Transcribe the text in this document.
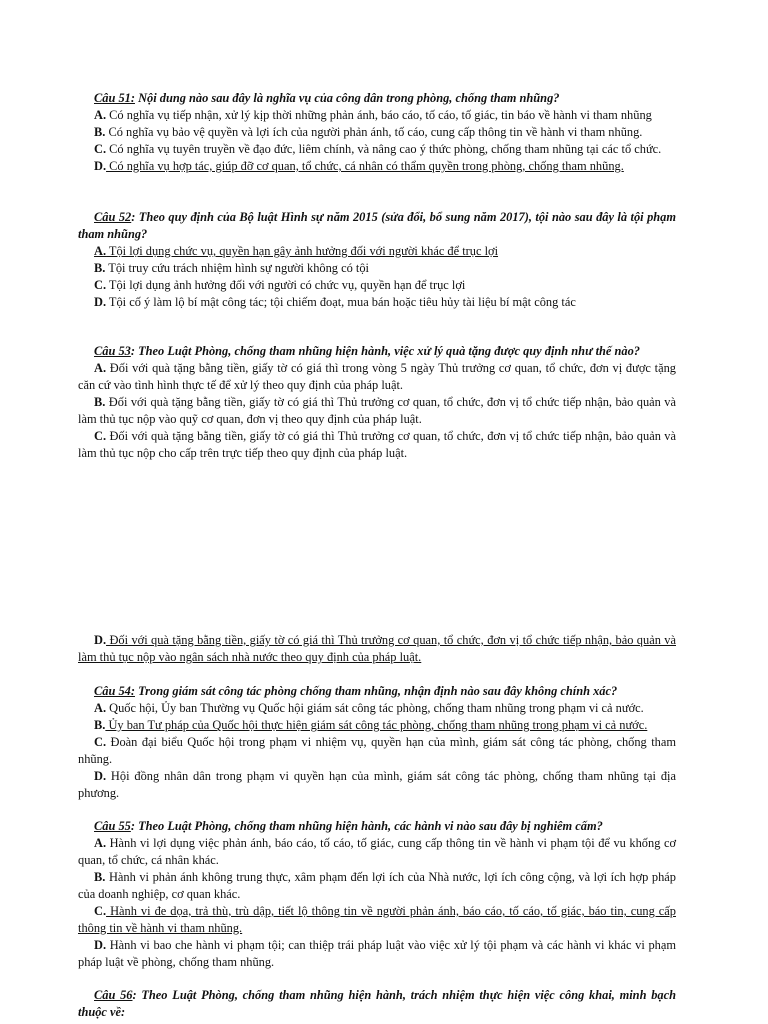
Câu 51: Nội dung nào sau đây là nghĩa vụ của công dân trong phòng, chống tham nhũng?
A. Có nghĩa vụ tiếp nhận, xử lý kịp thời những phản ánh, báo cáo, tố cáo, tố giác, tin báo về hành vi tham nhũng
B. Có nghĩa vụ bảo vệ quyền và lợi ích của người phản ánh, tố cáo, cung cấp thông tin về hành vi tham nhũng.
C. Có nghĩa vụ tuyên truyền về đạo đức, liêm chính, và nâng cao ý thức phòng, chống tham nhũng tại các tổ chức.
D. Có nghĩa vụ hợp tác, giúp đỡ cơ quan, tổ chức, cá nhân có thẩm quyền trong phòng, chống tham nhũng.
Câu 52: Theo quy định của Bộ luật Hình sự năm 2015 (sửa đổi, bổ sung năm 2017), tội nào sau đây là tội phạm tham nhũng?
A. Tội lợi dụng chức vụ, quyền hạn gây ảnh hưởng đối với người khác để trục lợi
B. Tội truy cứu trách nhiệm hình sự người không có tội
C. Tội lợi dụng ảnh hưởng đối với người có chức vụ, quyền hạn để trục lợi
D. Tội cố ý làm lộ bí mật công tác; tội chiếm đoạt, mua bán hoặc tiêu hủy tài liệu bí mật công tác
Câu 53: Theo Luật Phòng, chống tham nhũng hiện hành, việc xử lý quà tặng được quy định như thế nào?
A. Đối với quà tặng bằng tiền, giấy tờ có giá thì trong vòng 5 ngày Thủ trưởng cơ quan, tổ chức, đơn vị được tặng căn cứ vào tình hình thực tế để xử lý theo quy định của pháp luật.
B. Đối với quà tặng bằng tiền, giấy tờ có giá thì Thủ trưởng cơ quan, tổ chức, đơn vị tổ chức tiếp nhận, bảo quản và làm thủ tục nộp vào quỹ cơ quan, đơn vị theo quy định của pháp luật.
C. Đối với quà tặng bằng tiền, giấy tờ có giá thì Thủ trưởng cơ quan, tổ chức, đơn vị tổ chức tiếp nhận, bảo quản và làm thủ tục nộp cho cấp trên trực tiếp theo quy định của pháp luật.
D. Đối với quà tặng bằng tiền, giấy tờ có giá thì Thủ trưởng cơ quan, tổ chức, đơn vị tổ chức tiếp nhận, bảo quản và làm thủ tục nộp vào ngân sách nhà nước theo quy định của pháp luật.
Câu 54: Trong giám sát công tác phòng chống tham nhũng, nhận định nào sau đây không chính xác?
A. Quốc hội, Ủy ban Thường vụ Quốc hội giám sát công tác phòng, chống tham nhũng trong phạm vi cả nước.
B. Ủy ban Tư pháp của Quốc hội thực hiện giám sát công tác phòng, chống tham nhũng trong phạm vi cả nước.
C. Đoàn đại biểu Quốc hội trong phạm vi nhiệm vụ, quyền hạn của mình, giám sát công tác phòng, chống tham nhũng.
D. Hội đồng nhân dân trong phạm vi quyền hạn của mình, giám sát công tác phòng, chống tham nhũng tại địa phương.
Câu 55: Theo Luật Phòng, chống tham nhũng hiện hành, các hành vi nào sau đây bị nghiêm cấm?
A. Hành vi lợi dụng việc phản ánh, báo cáo, tố cáo, tố giác, cung cấp thông tin về hành vi phạm tội để vu khống cơ quan, tổ chức, cá nhân khác.
B. Hành vi phản ánh không trung thực, xâm phạm đến lợi ích của Nhà nước, lợi ích công cộng, và lợi ích hợp pháp của doanh nghiệp, cơ quan khác.
C. Hành vi đe dọa, trả thù, trù dập, tiết lộ thông tin về người phản ánh, báo cáo, tố cáo, tố giác, báo tin, cung cấp thông tin về hành vi tham nhũng.
D. Hành vi bao che hành vi phạm tội; can thiệp trái pháp luật vào việc xử lý tội phạm và các hành vi khác vi phạm pháp luật về phòng, chống tham nhũng.
Câu 56: Theo Luật Phòng, chống tham nhũng hiện hành, trách nhiệm thực hiện việc công khai, minh bạch thuộc về:
